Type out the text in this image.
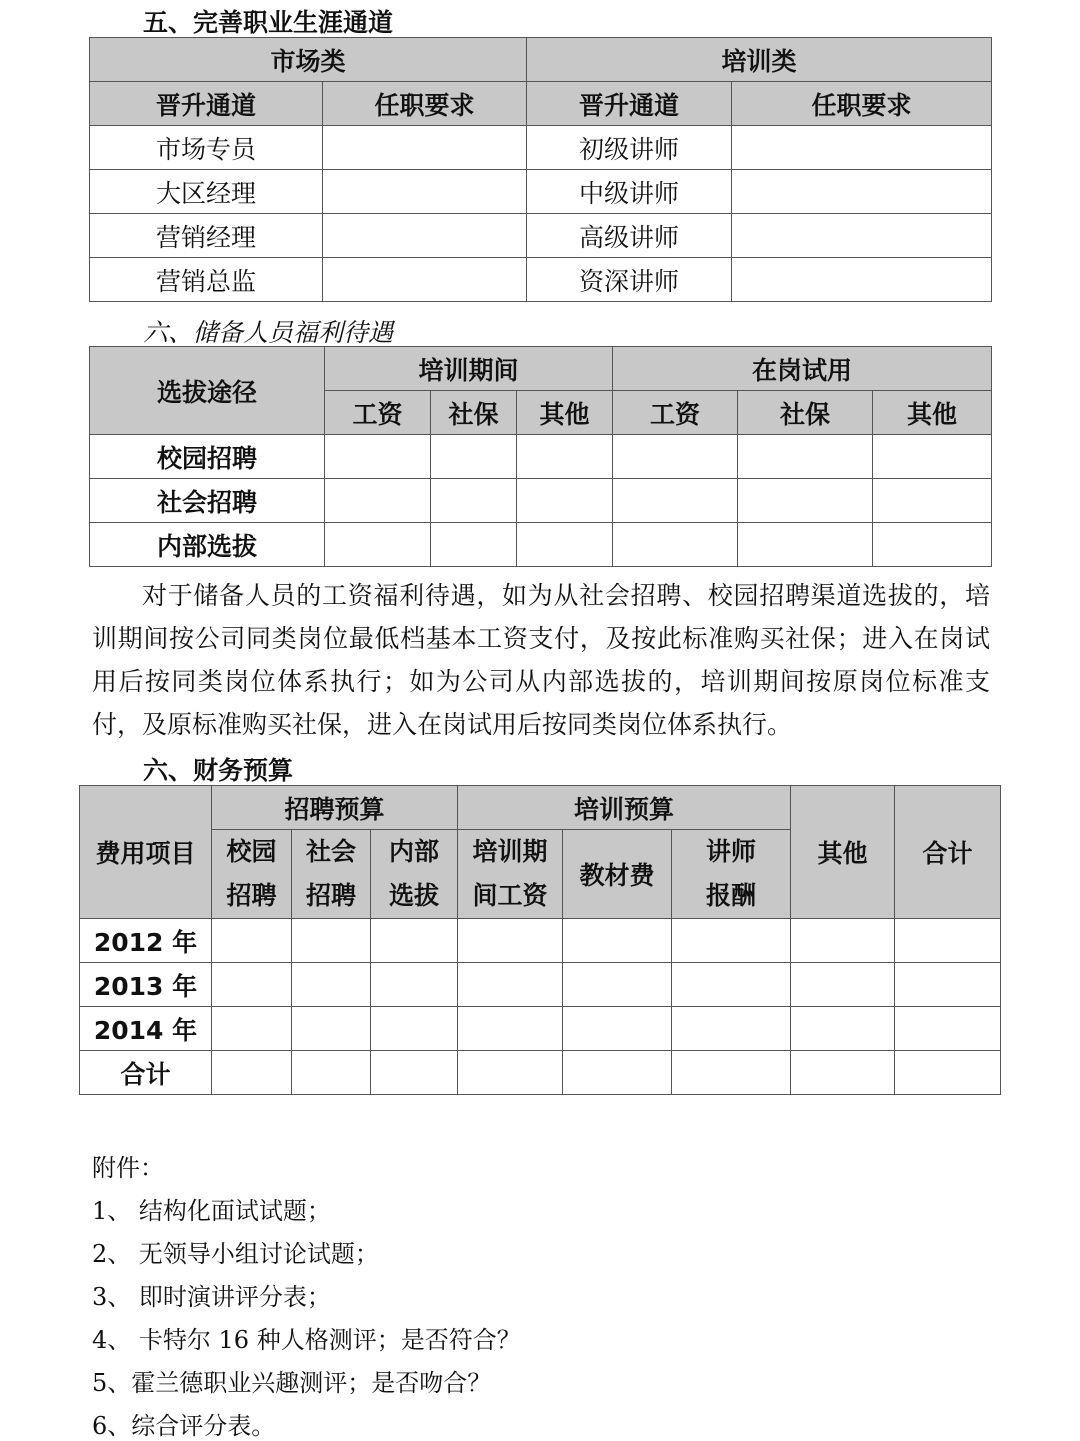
五、完善职业生涯通道
市场类		培训类	
晋升通道	任职要求	晋升通道	任职要求
市场专员		初级讲师	
大区经理		中级讲师	
营销经理		高级讲师	
营销总监		资深讲师	
六、储备人员福利待遇
选拔途径	培训期间			在岗试用		
	工资	社保	其他	工资	社保	其他
校园招聘						
社会招聘						
内部选拔						
对于储备人员的工资福利待遇，如为从社会招聘、校园招聘渠道选拔的，培训期间按公司同类岗位最低档基本工资支付，及按此标准购买社保；进入在岗试用后按同类岗位体系执行；如为公司从内部选拔的，培训期间按原岗位标准支付，及原标准购买社保，进入在岗试用后按同类岗位体系执行。
六、财务预算
费用项目	招聘预算			培训预算			其他	合计
	校园招聘	社会招聘	内部选拔	培训期间工资	教材费	讲师报酬		

2012 年								
2013 年								
2014 年								
合计								
附件：
1、 结构化面试试题；
2、 无领导小组讨论试题；
3、 即时演讲评分表；
4、 卡特尔 16 种人格测评；是否符合？
5、霍兰德职业兴趣测评；是否吻合？
6、综合评分表。
